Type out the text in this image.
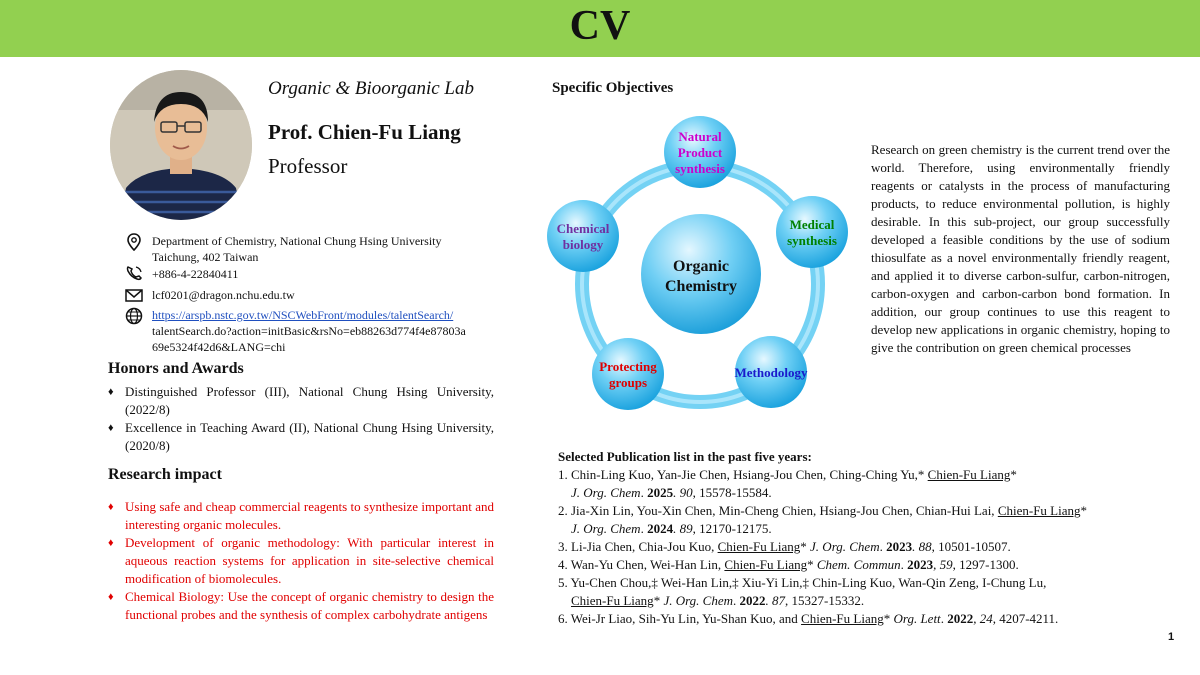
CV
Organic & Bioorganic Lab
Prof. Chien-Fu Liang
Professor
Department of Chemistry, National Chung Hsing University
Taichung, 402 Taiwan
+886-4-22840411
lcf0201@dragon.nchu.edu.tw
https://arspb.nstc.gov.tw/NSCWebFront/modules/talentSearch/
talentSearch.do?action=initBasic&rsNo=eb88263d774f4e87803a
69e5324f42d6&LANG=chi
Honors and Awards
♦ Distinguished Professor (III), National Chung Hsing University, (2022/8)
♦ Excellence in Teaching Award (II), National Chung Hsing University, (2020/8)
Research impact
♦ Using safe and cheap commercial reagents to synthesize important and interesting organic molecules.
♦ Development of organic methodology: With particular interest in aqueous reaction systems for application in site-selective chemical modification of biomolecules.
♦ Chemical Biology: Use the concept of organic chemistry to design the functional probes and the synthesis of complex carbohydrate antigens
Specific Objectives
Organic
Chemistry
Natural
Product
synthesis
Medical
synthesis
Methodology
Protecting
groups
Chemical
biology
Research on green chemistry is the current trend over the world. Therefore, using environmentally friendly reagents or catalysts in the process of manufacturing products, to reduce environmental pollution, is highly desirable. In this sub-project, our group successfully developed a feasible conditions by the use of sodium thiosulfate as a novel environmentally friendly reagent, and applied it to diverse carbon-sulfur, carbon-nitrogen, carbon-oxygen and carbon-carbon bond formation. In addition, our group continues to use this reagent to develop new applications in organic chemistry, hoping to give the contribution on green chemical processes
Selected Publication list in the past five years:
1. Chin-Ling Kuo, Yan-Jie Chen, Hsiang-Jou Chen, Ching-Ching Yu,* Chien-Fu Liang*
J. Org. Chem. 2025. 90, 15578-15584.
2. Jia-Xin Lin, You-Xin Chen, Min-Cheng Chien, Hsiang-Jou Chen, Chian-Hui Lai, Chien-Fu Liang*
J. Org. Chem. 2024. 89, 12170-12175.
3. Li-Jia Chen, Chia-Jou Kuo, Chien-Fu Liang* J. Org. Chem. 2023. 88, 10501-10507.
4. Wan-Yu Chen, Wei-Han Lin, Chien-Fu Liang* Chem. Commun. 2023, 59, 1297-1300.
5. Yu-Chen Chou,‡ Wei-Han Lin,‡ Xiu-Yi Lin,‡ Chin-Ling Kuo, Wan-Qin Zeng, I-Chung Lu,
Chien-Fu Liang* J. Org. Chem. 2022. 87, 15327-15332.
6. Wei-Jr Liao, Sih-Yu Lin, Yu-Shan Kuo, and Chien-Fu Liang* Org. Lett. 2022, 24, 4207-4211.
1
